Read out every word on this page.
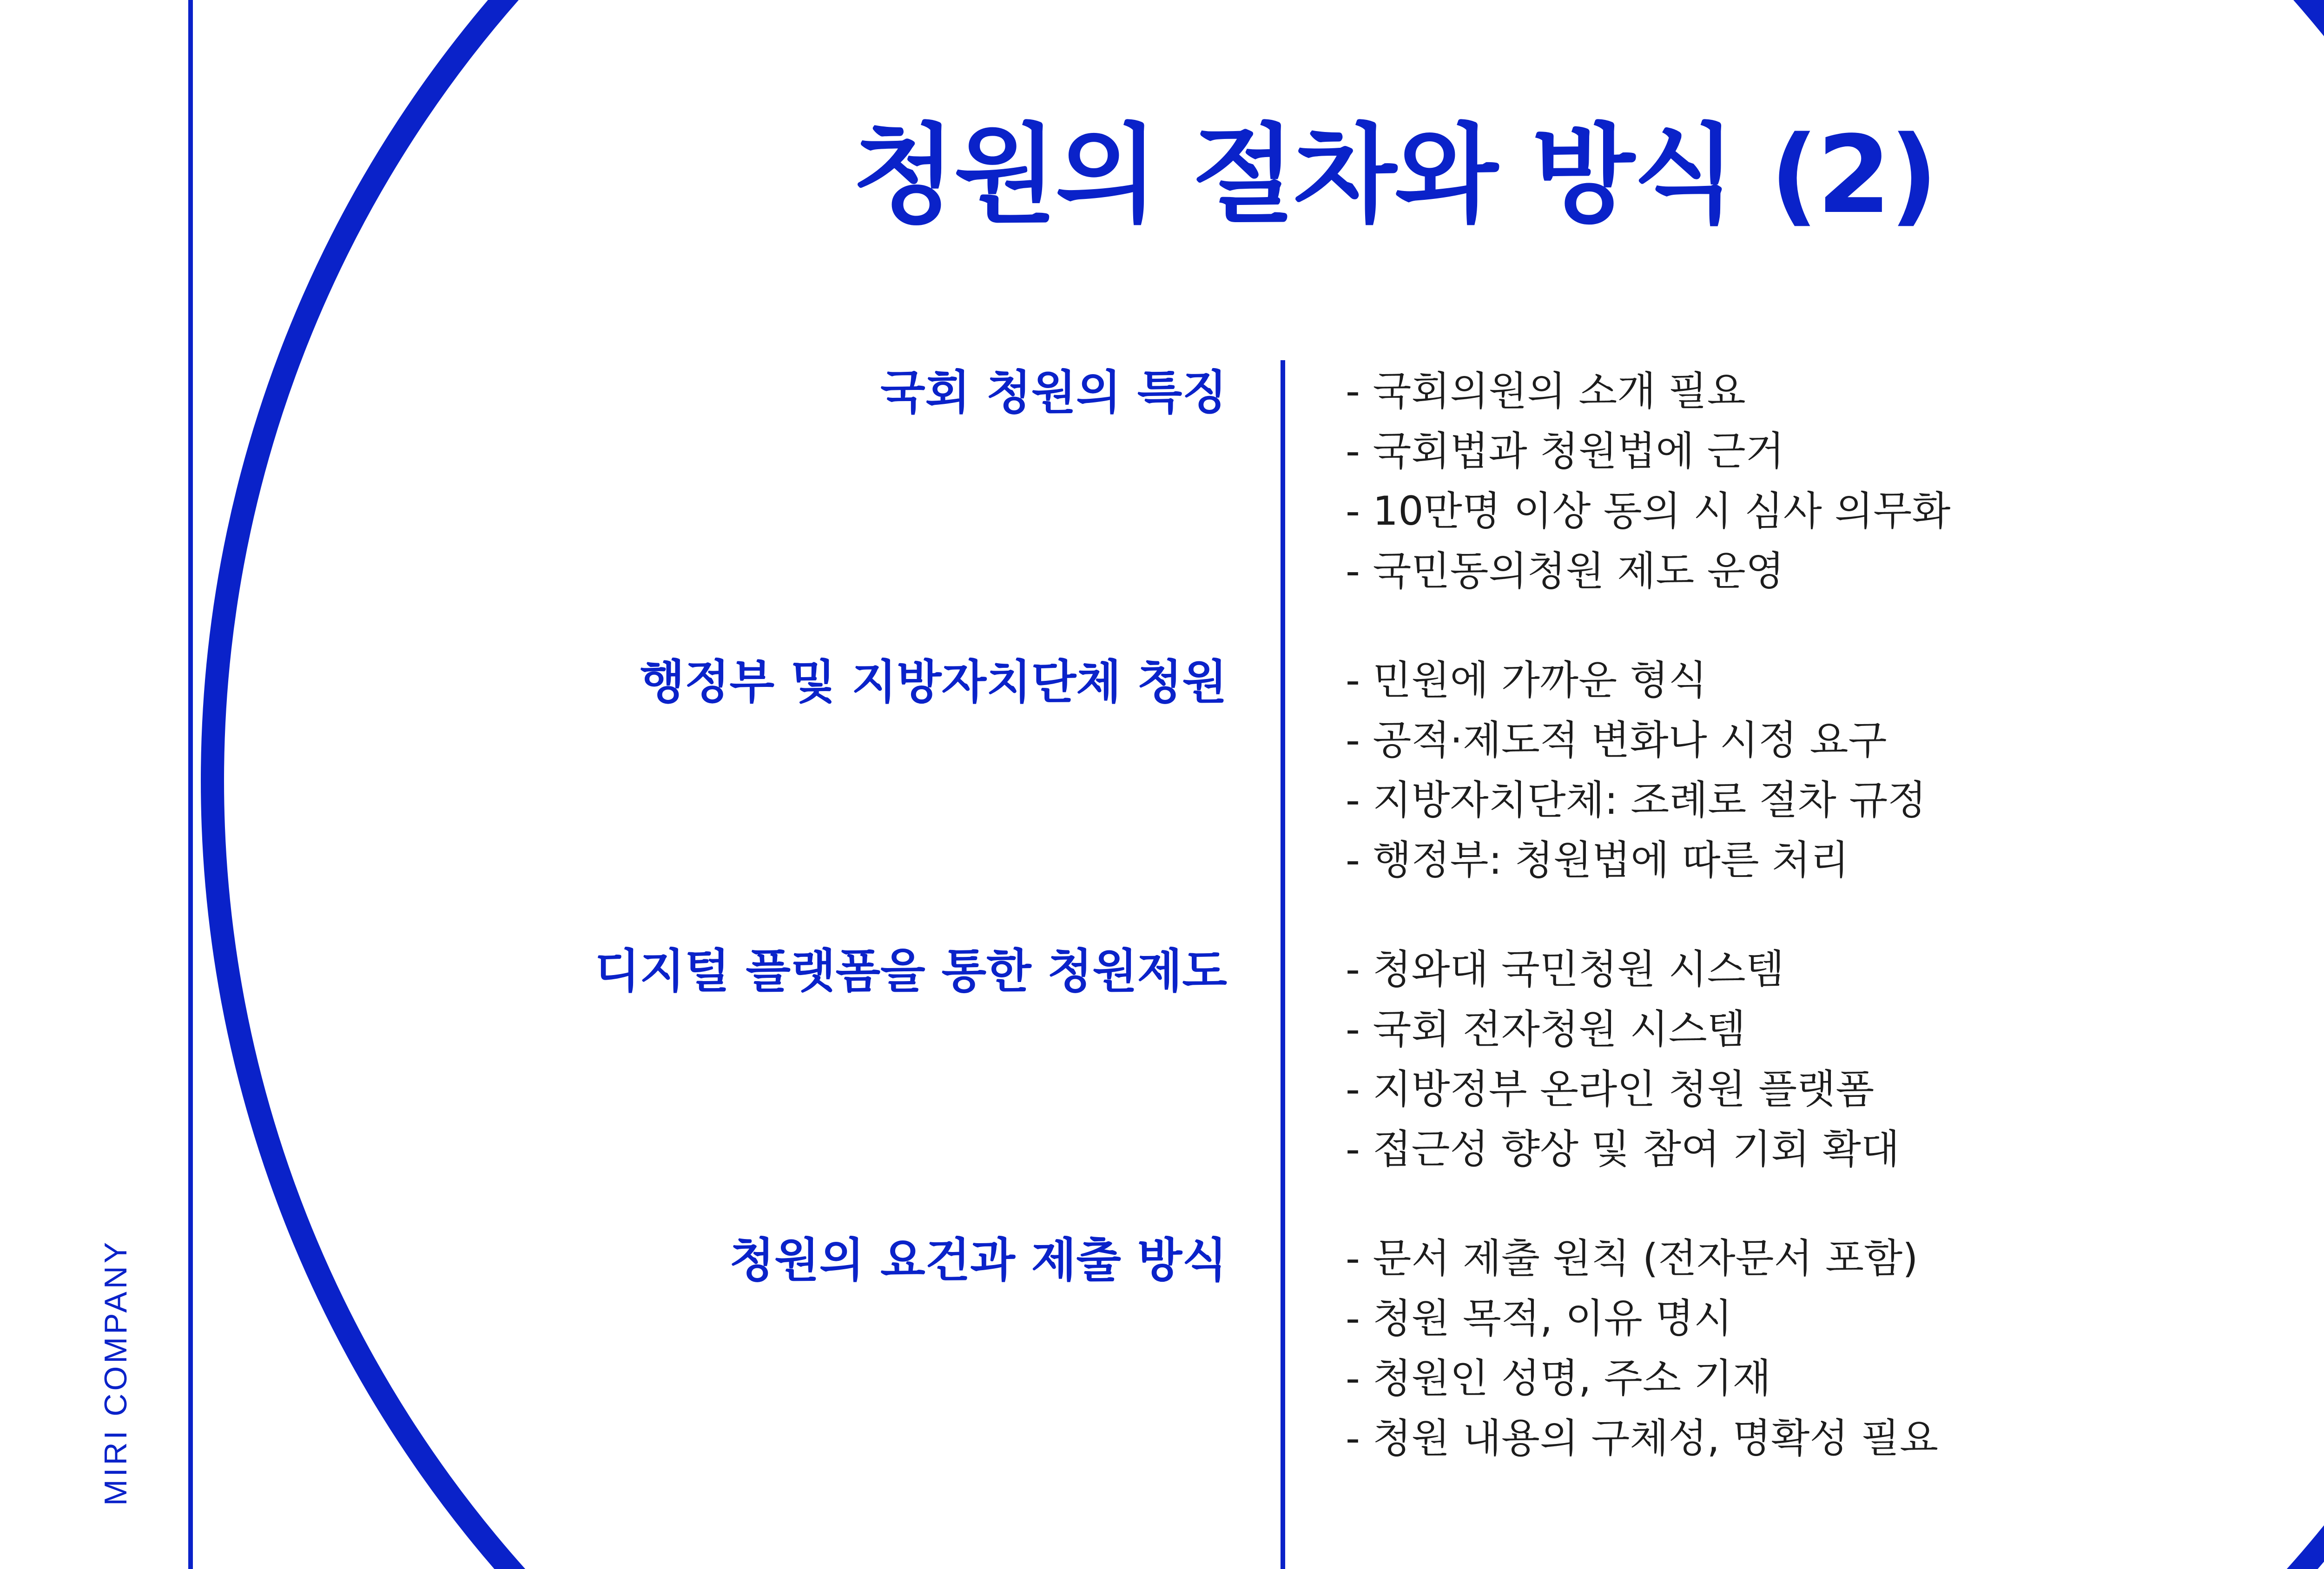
청원의 절차와 방식 (2)
MIRI COMPANY
국회 청원의 특징	- 국회의원의 소개 필요
- 국회법과 청원법에 근거
- 10만명 이상 동의 시 심사 의무화
- 국민동의청원 제도 운영
행정부 및 지방자치단체 청원	- 민원에 가까운 형식
- 공적·제도적 변화나 시정 요구
- 지방자치단체: 조례로 절차 규정
- 행정부: 청원법에 따른 처리
디지털 플랫폼을 통한 청원제도	- 청와대 국민청원 시스템
- 국회 전자청원 시스템
- 지방정부 온라인 청원 플랫폼
- 접근성 향상 및 참여 기회 확대
청원의 요건과 제출 방식	- 문서 제출 원칙 (전자문서 포함)
- 청원 목적, 이유 명시
- 청원인 성명, 주소 기재
- 청원 내용의 구체성, 명확성 필요
